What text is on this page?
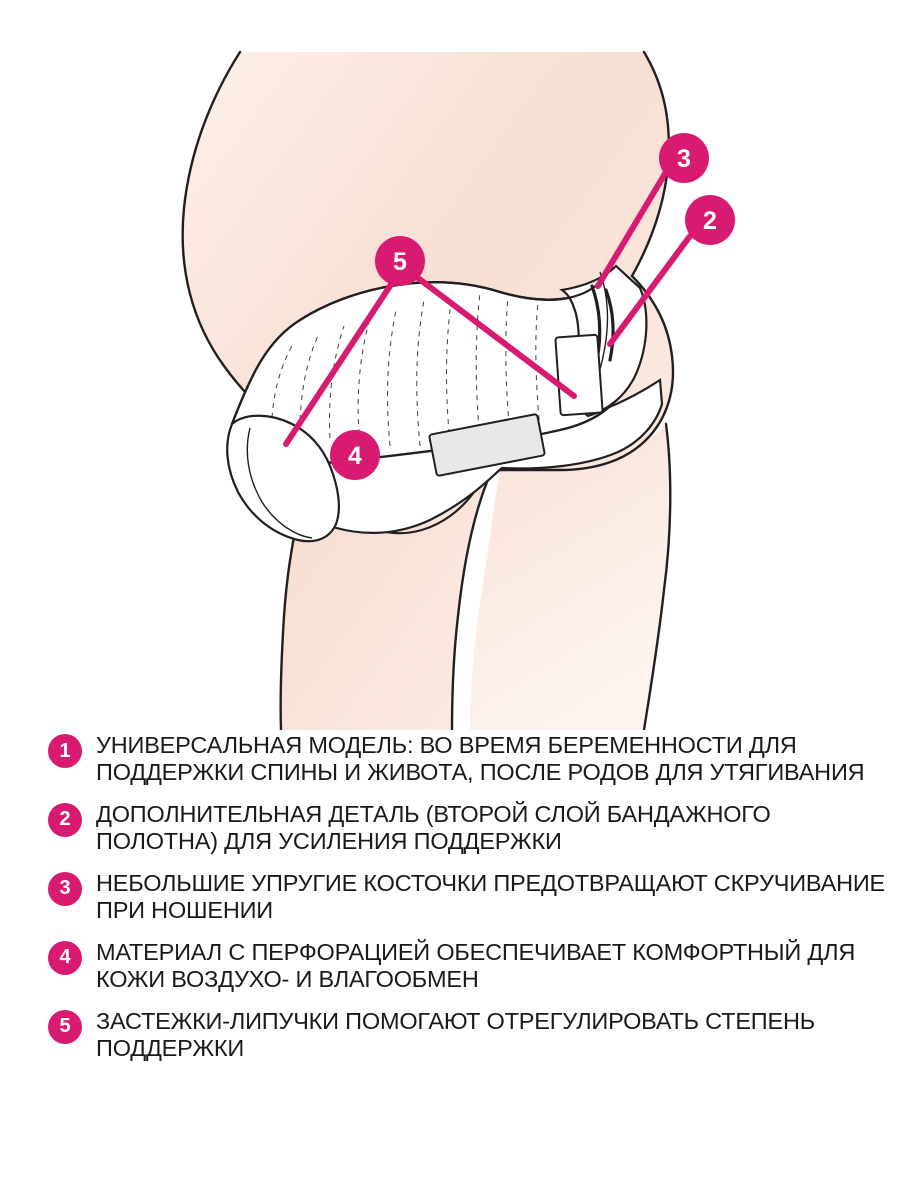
5
4
3
2
1	УНИВЕРСАЛЬНАЯ МОДЕЛЬ: ВО ВРЕМЯ БЕРЕМЕННОСТИ ДЛЯ ПОДДЕРЖКИ СПИНЫ И ЖИВОТА, ПОСЛЕ РОДОВ ДЛЯ УТЯГИВАНИЯ
2	ДОПОЛНИТЕЛЬНАЯ ДЕТАЛЬ (ВТОРОЙ СЛОЙ БАНДАЖНОГО ПОЛОТНА) ДЛЯ УСИЛЕНИЯ ПОДДЕРЖКИ
3	НЕБОЛЬШИЕ УПРУГИЕ КОСТОЧКИ ПРЕДОТВРАЩАЮТ СКРУЧИВАНИЕ ПРИ НОШЕНИИ
4	МАТЕРИАЛ С ПЕРФОРАЦИЕЙ ОБЕСПЕЧИВАЕТ КОМФОРТНЫЙ ДЛЯ КОЖИ ВОЗДУХО- И ВЛАГООБМЕН
5	ЗАСТЕЖКИ-ЛИПУЧКИ ПОМОГАЮТ ОТРЕГУЛИРОВАТЬ СТЕПЕНЬ ПОДДЕРЖКИ
